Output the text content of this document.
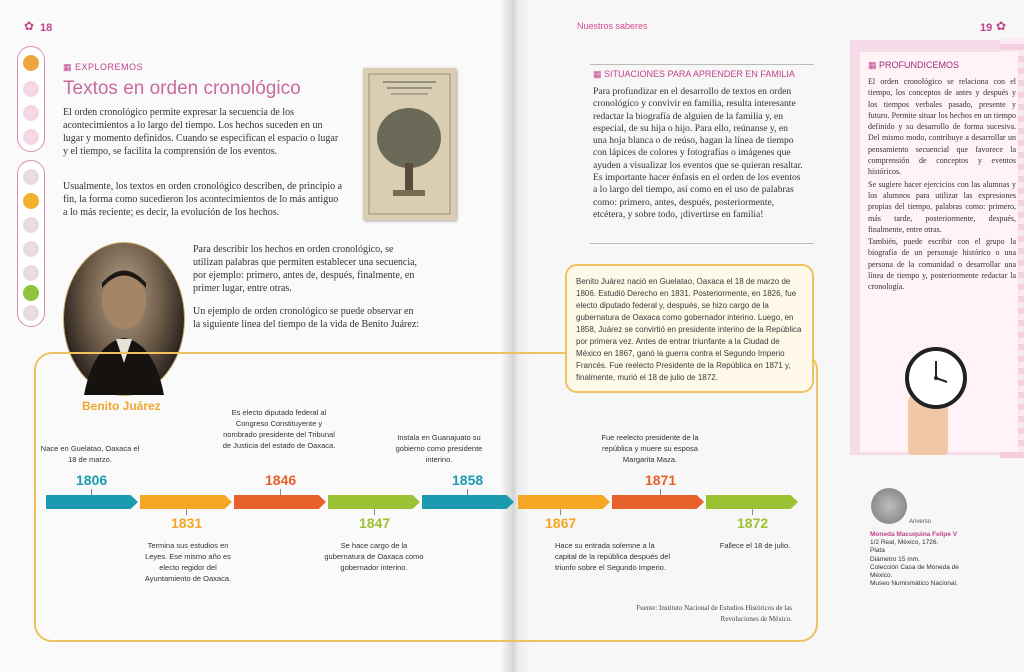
✿ 18
▦ EXPLOREMOS
Textos en orden cronológico
El orden cronológico permite expresar la secuencia de los acontecimientos a lo largo del tiempo. Los hechos suceden en un lugar y momento definidos. Cuando se especifican el espacio o lugar y el tiempo, se facilita la comprensión de los eventos.
Usualmente, los textos en orden cronológico describen, de principio a fin, la forma como sucedieron los acontecimientos de lo más antiguo a lo más reciente; es decir, la evolución de los hechos.
Para describir los hechos en orden cronológico, se utilizan palabras que permiten establecer una secuencia, por ejemplo: primero, antes de, después, finalmente, en primer lugar, entre otras.
Un ejemplo de orden cronológico se puede observar en la siguiente línea del tiempo de la vida de Benito Juárez:
Benito Juárez
Benito Juárez nació en Guelatao, Oaxaca el 18 de marzo de 1806. Estudió Derecho en 1831. Posteriormente, en 1826, fue electo diputado federal y, después, se hizo cargo de la gubernatura de Oaxaca como gobernador interino. Luego, en 1858, Juárez se convirtió en presidente interino de la República por primera vez. Antes de entrar triunfante a la Ciudad de México en 1867, ganó la guerra contra el Segundo Imperio Francés. Fue reelecto Presidente de la República en 1871 y, finalmente, murió el 18 de julio de 1872.
Nace en Guelatao, Oaxaca el 18 de marzo.
1806
Es electo diputado federal al Congreso Constituyente y nombrado presidente del Tribunal de Justicia del estado de Oaxaca.
1846
Instala en Guanajuato su gobierno como presidente interino.
1858
Fue reelecto presidente de la república y muere su esposa Margarita Maza.
1871
1831
Termina sus estudios en Leyes. Ese mismo año es electo regidor del Ayuntamiento de Oaxaca.
1847
Se hace cargo de la gubernatura de Oaxaca como gobernador interino.
1867
Hace su entrada solemne a la capital de la república después del triunfo sobre el Segundo Imperio.
1872
Fallece el 18 de julio.
Fuente: Instituto Nacional de Estudios Históricos de las Revoluciones de México.
Nuestros saberes	19 ✿
▦ SITUACIONES PARA APRENDER EN FAMILIA
Para profundizar en el desarrollo de textos en orden cronológico y convivir en familia, resulta interesante redactar la biografía de alguien de la familia y, en especial, de su hija o hijo. Para ello, reúnanse y, en una hoja blanca o de reúso, hagan la línea de tiempo con lápices de colores y fotografías o imágenes que ayuden a visualizar los eventos que se quieran resaltar. Es importante hacer énfasis en el orden de los eventos a lo largo del tiempo, así como en el uso de palabras como: primero, antes, después, posteriormente, etcétera, y sobre todo, ¡divertirse en familia!
▦ PROFUNDICEMOS
El orden cronológico se relaciona con el tiempo, los conceptos de antes y después y los tiempos verbales pasado, presente y futuro. Permite situar los hechos en un tiempo definido y su desarrollo de forma sucesiva. Del mismo modo, contribuye a desarrollar un pensamiento secuencial que favorece la comprensión de conceptos y eventos históricos.
Se sugiere hacer ejercicios con las alumnas y los alumnos para utilizar las expresiones propias del tiempo, palabras como: primero, más tarde, posteriormente, después, finalmente, entre otras.
También, puede escribir con el grupo la biografía de un personaje histórico o una persona de la comunidad o desarrollar una línea de tiempo y, posteriormente redactar la cronología.
Anverso
Moneda Macuquina Felipe V
1/2 Real, México, 1726.
Plata
Diámetro 15 mm.
Colección Casa de Moneda de México.
Museo Numismático Nacional.
